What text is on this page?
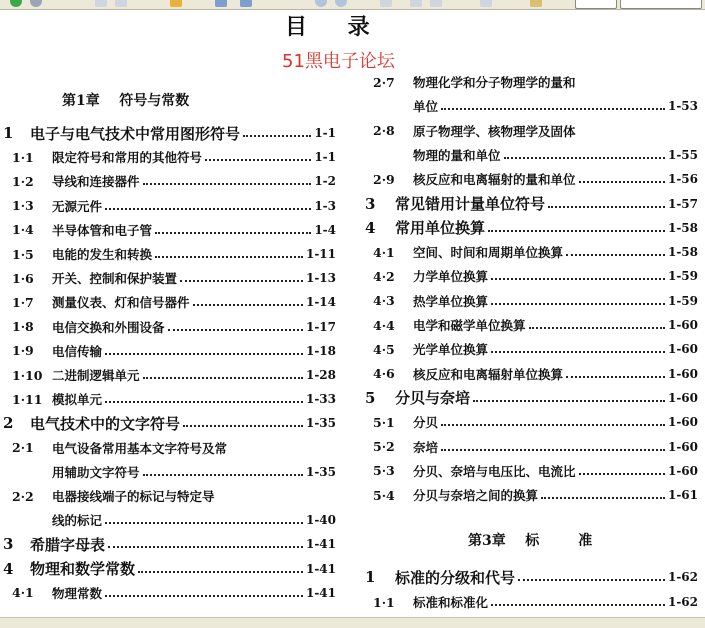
目    录
51黑电子论坛
第1章    符号与常数
1	电子与电气技术中常用图形符号	1-1
1·1	限定符号和常用的其他符号	1-1
1·2	导线和连接器件	1-2
1·3	无源元件	1-3
1·4	半导体管和电子管	1-4
1·5	电能的发生和转换	1-11
1·6	开关、控制和保护装置	1-13
1·7	测量仪表、灯和信号器件	1-14
1·8	电信交换和外围设备	1-17
1·9	电信传输	1-18
1·10 二进制逻辑单元	1-28
1·11 模拟单元	1-33
2	电气技术中的文字符号	1-35
2·1	电气设备常用基本文字符号及常
用辅助文字符号	1-35
2·2	电器接线端子的标记与特定导
线的标记	1-40
3	希腊字母表	1-41
4	物理和数学常数	1-41
4·1	物理常数	1-41
2·7	物理化学和分子物理学的量和
单位	1-53
2·8	原子物理学、核物理学及固体
物理的量和单位	1-55
2·9	核反应和电离辐射的量和单位	1-56
3	常见错用计量单位符号	1-57
4	常用单位换算	1-58
4·1	空间、时间和周期单位换算	1-58
4·2	力学单位换算	1-59
4·3	热学单位换算	1-59
4·4	电学和磁学单位换算	1-60
4·5	光学单位换算	1-60
4·6	核反应和电离辐射单位换算	1-60
5	分贝与奈培	1-60
5·1	分贝	1-60
5·2	奈培	1-60
5·3	分贝、奈培与电压比、电流比	1-60
5·4	分贝与奈培之间的换算	1-61
第3章    标        准
1	标准的分级和代号	1-62
1·1	标准和标准化	1-62
